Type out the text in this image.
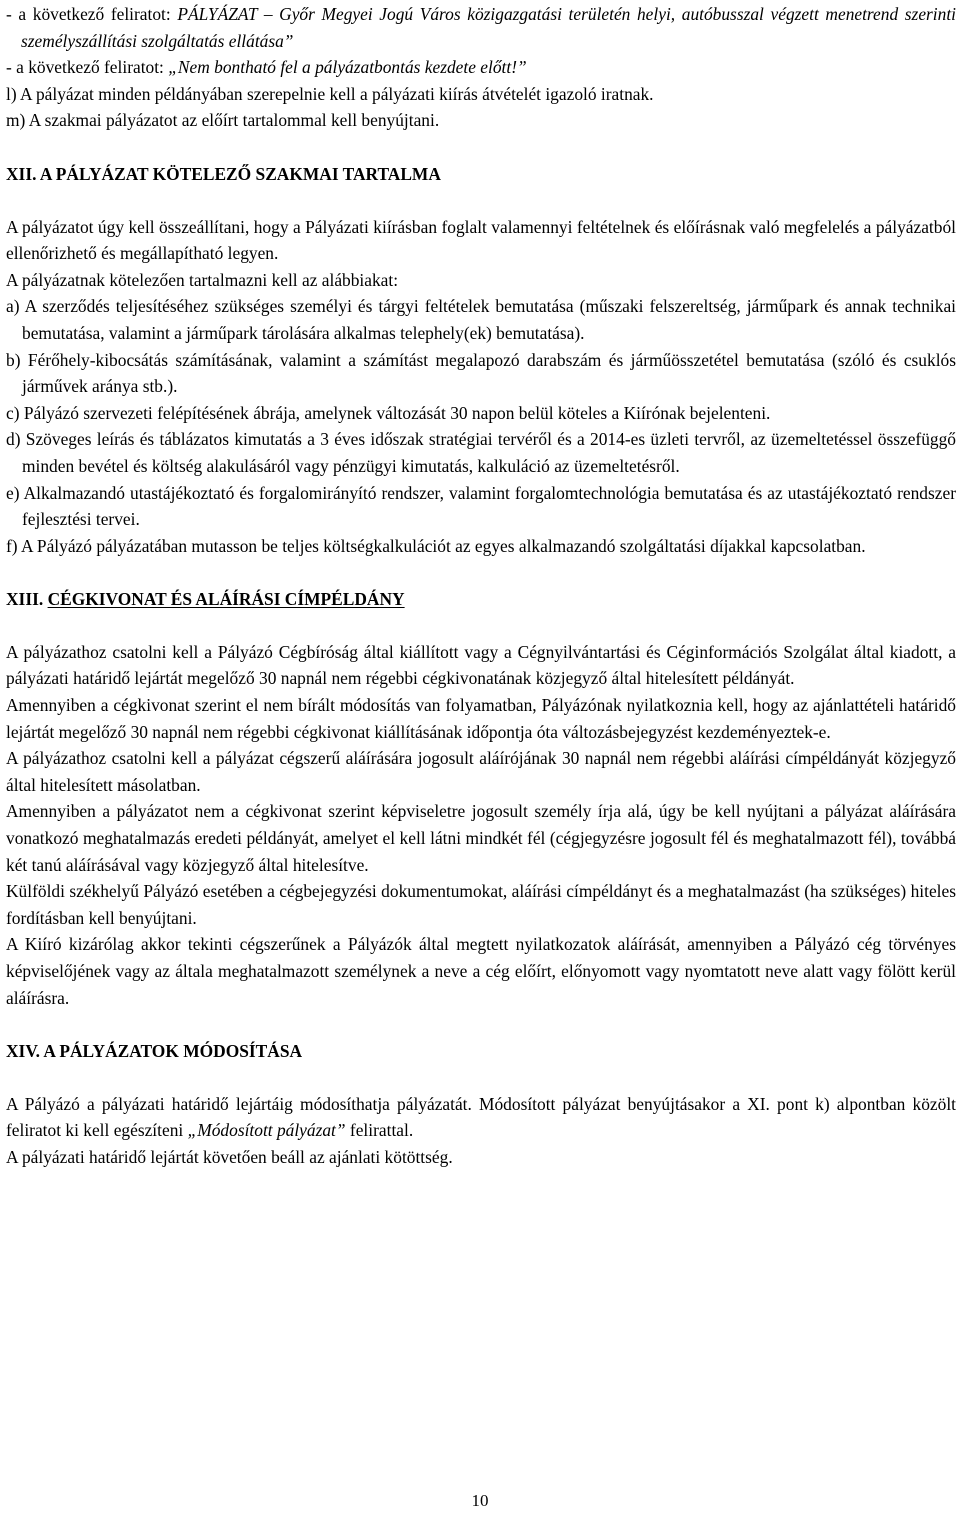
- a következő feliratot: PÁLYÁZAT – Győr Megyei Jogú Város közigazgatási területén helyi, autóbusszal végzett menetrend szerinti személyszállítási szolgáltatás ellátása”

- a következő feliratot: „Nem bontható fel a pályázatbontás kezdete előtt!”

l) A pályázat minden példányában szerepelnie kell a pályázati kiírás átvételét igazoló iratnak.

m) A szakmai pályázatot az előírt tartalommal kell benyújtani.

XII. A PÁLYÁZAT KÖTELEZŐ SZAKMAI TARTALMA

A pályázatot úgy kell összeállítani, hogy a Pályázati kiírásban foglalt valamennyi feltételnek és előírásnak való megfelelés a pályázatból ellenőrizhető és megállapítható legyen.

A pályázatnak kötelezően tartalmazni kell az alábbiakat:

a) A szerződés teljesítéséhez szükséges személyi és tárgyi feltételek bemutatása (műszaki felszereltség, járműpark és annak technikai bemutatása, valamint a járműpark tárolására alkalmas telephely(ek) bemutatása).

b) Férőhely-kibocsátás számításának, valamint a számítást megalapozó darabszám és járműösszetétel bemutatása (szóló és csuklós járművek aránya stb.).

c) Pályázó szervezeti felépítésének ábrája, amelynek változását 30 napon belül köteles a Kiírónak bejelenteni.

d) Szöveges leírás és táblázatos kimutatás a 3 éves időszak stratégiai tervéről és a 2014-es üzleti tervről, az üzemeltetéssel összefüggő minden bevétel és költség alakulásáról vagy pénzügyi kimutatás, kalkuláció az üzemeltetésről.

e) Alkalmazandó utastájékoztató és forgalomirányító rendszer, valamint forgalomtechnológia bemutatása és az utastájékoztató rendszer fejlesztési tervei.

f) A Pályázó pályázatában mutasson be teljes költségkalkulációt az egyes alkalmazandó szolgáltatási díjakkal kapcsolatban.

XIII. CÉGKIVONAT ÉS ALÁÍRÁSI CÍMPÉLDÁNY

A pályázathoz csatolni kell a Pályázó Cégbíróság által kiállított vagy a Cégnyilvántartási és Céginformációs Szolgálat által kiadott, a pályázati határidő lejártát megelőző 30 napnál nem régebbi cégkivonatának közjegyző által hitelesített példányát.

Amennyiben a cégkivonat szerint el nem bírált módosítás van folyamatban, Pályázónak nyilatkoznia kell, hogy az ajánlattételi határidő lejártát megelőző 30 napnál nem régebbi cégkivonat kiállításának időpontja óta változásbejegyzést kezdeményeztek-e.

A pályázathoz csatolni kell a pályázat cégszerű aláírására jogosult aláírójának 30 napnál nem régebbi aláírási címpéldányát közjegyző által hitelesített másolatban.

Amennyiben a pályázatot nem a cégkivonat szerint képviseletre jogosult személy írja alá, úgy be kell nyújtani a pályázat aláírására vonatkozó meghatalmazás eredeti példányát, amelyet el kell látni mindkét fél (cégjegyzésre jogosult fél és meghatalmazott fél), továbbá két tanú aláírásával vagy közjegyző által hitelesítve.

Külföldi székhelyű Pályázó esetében a cégbejegyzési dokumentumokat, aláírási címpéldányt és a meghatalmazást (ha szükséges) hiteles fordításban kell benyújtani.

A Kiíró kizárólag akkor tekinti cégszerűnek a Pályázók által megtett nyilatkozatok aláírását, amennyiben a Pályázó cég törvényes képviselőjének vagy az általa meghatalmazott személynek a neve a cég előírt, előnyomott vagy nyomtatott neve alatt vagy fölött kerül aláírásra.

XIV. A PÁLYÁZATOK MÓDOSÍTÁSA

A Pályázó a pályázati határidő lejártáig módosíthatja pályázatát. Módosított pályázat benyújtásakor a XI. pont k) alpontban közölt feliratot ki kell egészíteni „Módosított pályázat” felirattal.

A pályázati határidő lejártát követően beáll az ajánlati kötöttség.

10
